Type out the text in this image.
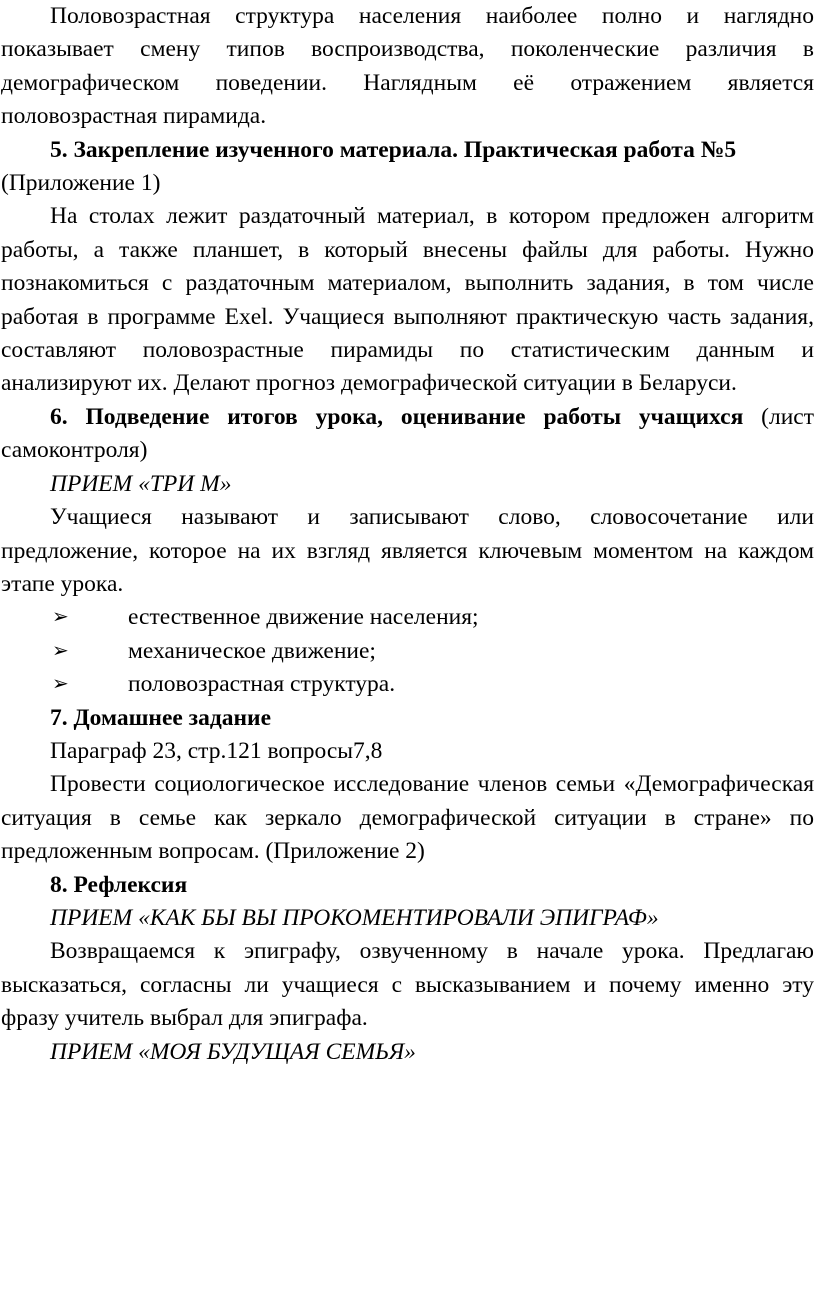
Половозрастная структура населения наиболее полно и наглядно показывает смену типов воспроизводства, поколенческие различия в демографическом поведении. Наглядным её отражением является половозрастная пирамида.

5. Закрепление изученного материала. Практическая работа №5 (Приложение 1)

На столах лежит раздаточный материал, в котором предложен алгоритм работы, а также планшет, в который внесены файлы для работы. Нужно познакомиться с раздаточным материалом, выполнить задания, в том числе работая в программе Exel. Учащиеся выполняют практическую часть задания, составляют половозрастные пирамиды по статистическим данным и анализируют их. Делают прогноз демографической ситуации в Беларуси.

6. Подведение итогов урока, оценивание работы учащихся (лист самоконтроля)

ПРИЕМ «ТРИ М»

Учащиеся называют и записывают слово, словосочетание или предложение, которое на их взгляд является ключевым моментом на каждом этапе урока.

➢	естественное движение населения;

➢	механическое движение;

➢	половозрастная структура.

7. Домашнее задание

Параграф 23, стр.121 вопросы7,8

Провести социологическое исследование членов семьи «Демографическая ситуация в семье как зеркало демографической ситуации в стране» по предложенным вопросам. (Приложение 2)

8. Рефлексия

ПРИЕМ «КАК БЫ ВЫ ПРОКОМЕНТИРОВАЛИ ЭПИГРАФ»

Возвращаемся к эпиграфу, озвученному в начале урока. Предлагаю высказаться, согласны ли учащиеся с высказыванием и почему именно эту фразу учитель выбрал для эпиграфа.

ПРИЕМ «МОЯ БУДУЩАЯ СЕМЬЯ»
